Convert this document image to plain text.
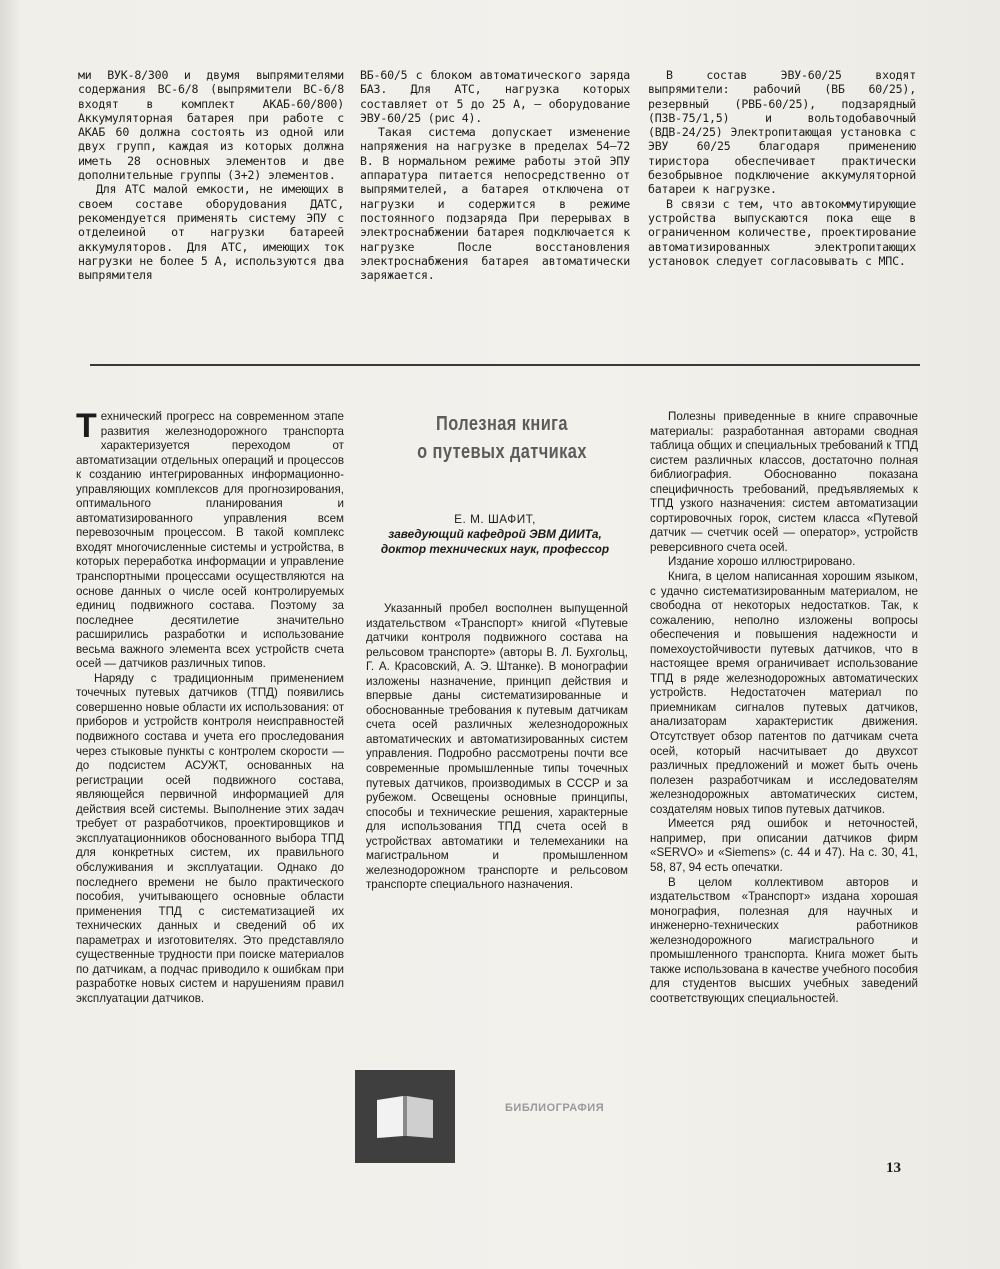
ми ВУК-8/300 и двумя выпрямителями содержания ВС-6/8 (выпрямители ВС-6/8 входят в комплект АКАБ-60/800) Аккумуляторная батарея при работе с АКАБ 60 должна состоять из одной или двух групп, каждая из которых должна иметь 28 основных элементов и две дополнительные группы (3+2) элементов.

Для АТС малой емкости, не имеющих в своем составе оборудования ДАТС, рекомендуется применять систему ЭПУ с отделеиной от нагрузки батареей аккумуляторов. Для АТС, имеющих ток нагрузки не более 5 А, используются два выпрямителя

ВБ-60/5 с блоком автоматического заряда БАЗ. Для АТС, нагрузка которых составляет от 5 до 25 А, — оборудование ЭВУ-60/25 (рис 4).

Такая система допускает изменение напряжения на нагрузке в пределах 54—72 В. В нормальном режиме работы этой ЭПУ аппаратура питается непосредственно от выпрямителей, а батарея отключена от нагрузки и содержится в режиме постоянного подзаряда При перерывах в электроснабжении батарея подключается к нагрузке После восстановления электроснабжения батарея автоматически заряжается.

В состав ЭВУ-60/25 входят выпрямители: рабочий (ВБ 60/25), резервный (РВБ-60/25), подзарядный (ПЗВ-75/1,5) и вольтодобавочный (ВДВ-24/25) Электропитающая установка с ЭВУ 60/25 благодаря применению тиристора обеспечивает практически безобрывное подключение аккумуляторной батареи к нагрузке.

В связи с тем, что автокоммутирующие устройства выпускаются пока еще в ограниченном количестве, проектирование автоматизированных электропитающих установок следует согласовывать с МПС.

Технический прогресс на современном этапе развития железнодорожного транспорта характеризуется переходом от автоматизации отдельных операций и процессов к созданию интегрированных информационно-управляющих комплексов для прогнозирования, оптимального планирования и автоматизированного управления всем перевозочным процессом. В такой комплекс входят многочисленные системы и устройства, в которых переработка информации и управление транспортными процессами осуществляются на основе данных о числе осей контролируемых единиц подвижного состава. Поэтому за последнее десятилетие значительно расширились разработки и использование весьма важного элемента всех устройств счета осей — датчиков различных типов.

Наряду с традиционным применением точечных путевых датчиков (ТПД) появились совершенно новые области их использования: от приборов и устройств контроля неисправностей подвижного состава и учета его проследования через стыковые пункты с контролем скорости — до подсистем АСУЖТ, основанных на регистрации осей подвижного состава, являющейся первичной информацией для действия всей системы. Выполнение этих задач требует от разработчиков, проектировщиков и эксплуатационников обоснованного выбора ТПД для конкретных систем, их правильного обслуживания и эксплуатации. Однако до последнего времени не было практического пособия, учитывающего основные области применения ТПД с систематизацией их технических данных и сведений об их параметрах и изготовителях. Это представляло существенные трудности при поиске материалов по датчикам, а подчас приводило к ошибкам при разработке новых систем и нарушениям правил эксплуатации датчиков.

Полезная книга
о путевых датчиках
Е. М. ШАФИТ,
заведующий кафедрой ЭВМ ДИИТа,
доктор технических наук, профессор

Указанный пробел восполнен выпущенной издательством «Транспорт» книгой «Путевые датчики контроля подвижного состава на рельсовом транспорте» (авторы В. Л. Бухгольц, Г. А. Красовский, А. Э. Штанке). В монографии изложены назначение, принцип действия и впервые даны систематизированные и обоснованные требования к путевым датчикам счета осей различных железнодорожных автоматических и автоматизированных систем управления. Подробно рассмотрены почти все современные промышленные типы точечных путевых датчиков, производимых в СССР и за рубежом. Освещены основные принципы, способы и технические решения, характерные для использования ТПД счета осей в устройствах автоматики и телемеханики на магистральном и промышленном железнодорожном транспорте и рельсовом транспорте специального назначения.

Полезны приведенные в книге справочные материалы: разработанная авторами сводная таблица общих и специальных требований к ТПД систем различных классов, достаточно полная библиография. Обоснованно показана специфичность требований, предъявляемых к ТПД узкого назначения: систем автоматизации сортировочных горок, систем класса «Путевой датчик — счетчик осей — оператор», устройств реверсивного счета осей.

Издание хорошо иллюстрировано.

Книга, в целом написанная хорошим языком, с удачно систематизированным материалом, не свободна от некоторых недостатков. Так, к сожалению, неполно изложены вопросы обеспечения и повышения надежности и помехоустойчивости путевых датчиков, что в настоящее время ограничивает использование ТПД в ряде железнодорожных автоматических устройств. Недостаточен материал по приемникам сигналов путевых датчиков, анализаторам характеристик движения. Отсутствует обзор патентов по датчикам счета осей, который насчитывает до двухсот различных предложений и может быть очень полезен разработчикам и исследователям железнодорожных автоматических систем, создателям новых типов путевых датчиков.

Имеется ряд ошибок и неточностей, например, при описании датчиков фирм «SERVO» и «Siemens» (с. 44 и 47). На с. 30, 41, 58, 87, 94 есть опечатки.

В целом коллективом авторов и издательством «Транспорт» издана хорошая монография, полезная для научных и инженерно-технических работников железнодорожного магистрального и промышленного транспорта. Книга может быть также использована в качестве учебного пособия для студентов высших учебных заведений соответствующих специальностей.

БИБЛИОГРАФИЯ
13
